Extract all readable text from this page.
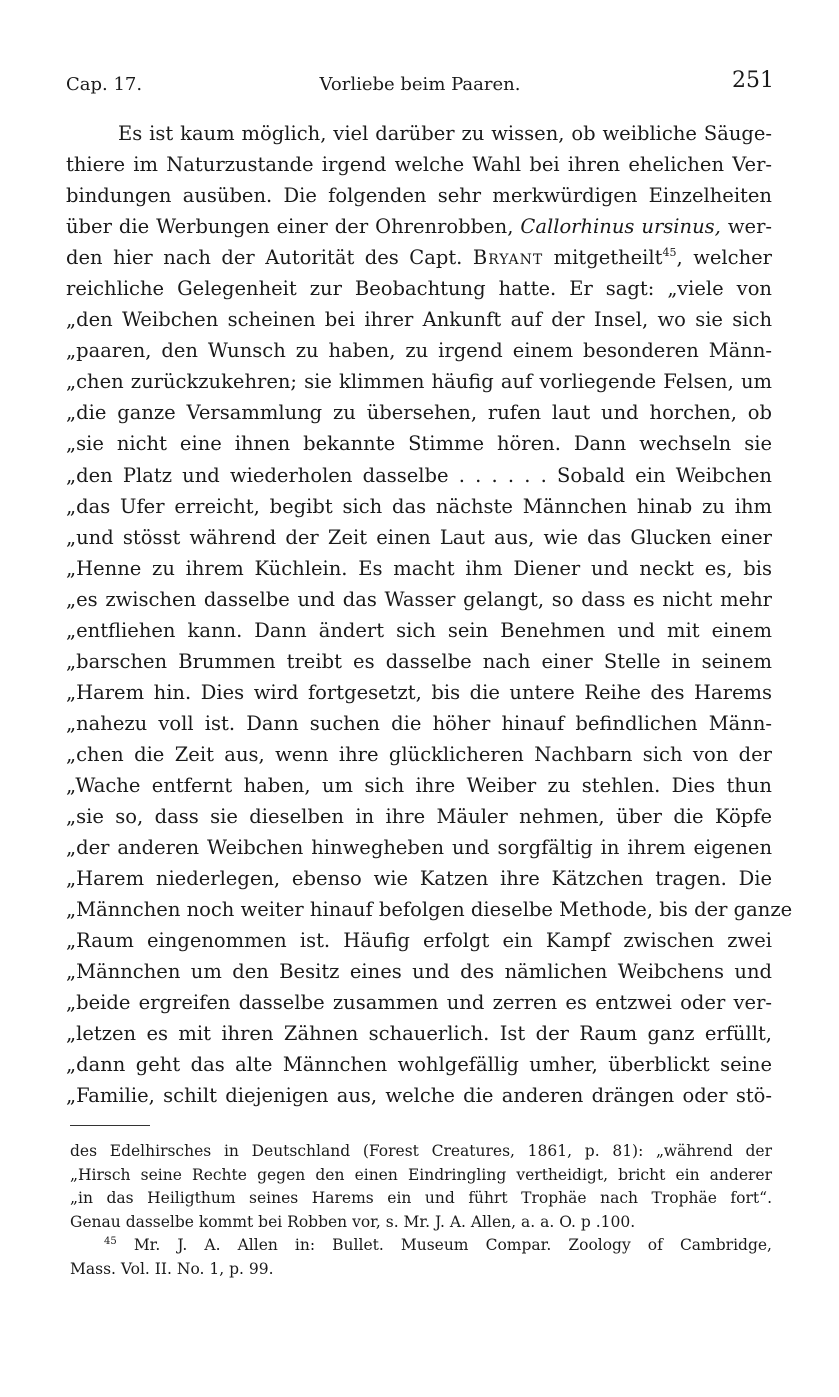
Cap. 17.	Vorliebe beim Paaren.	251
Es ist kaum möglich, viel darüber zu wissen, ob weibliche Säuge-
thiere im Naturzustande irgend welche Wahl bei ihren ehelichen Ver-
bindungen ausüben. Die folgenden sehr merkwürdigen Einzelheiten
über die Werbungen einer der Ohrenrobben, Callorhinus ursinus, wer-
den hier nach der Autorität des Capt. Bryant mitgetheilt$^{45}$, welcher
reichliche Gelegenheit zur Beobachtung hatte. Er sagt: „viele von
„den Weibchen scheinen bei ihrer Ankunft auf der Insel, wo sie sich
„paaren, den Wunsch zu haben, zu irgend einem besonderen Männ-
„chen zurückzukehren; sie klimmen häufig auf vorliegende Felsen, um
„die ganze Versammlung zu übersehen, rufen laut und horchen, ob
„sie nicht eine ihnen bekannte Stimme hören. Dann wechseln sie
„den Platz und wiederholen dasselbe . . . . . . Sobald ein Weibchen
„das Ufer erreicht, begibt sich das nächste Männchen hinab zu ihm
„und stösst während der Zeit einen Laut aus, wie das Glucken einer
„Henne zu ihrem Küchlein. Es macht ihm Diener und neckt es, bis
„es zwischen dasselbe und das Wasser gelangt, so dass es nicht mehr
„entfliehen kann. Dann ändert sich sein Benehmen und mit einem
„barschen Brummen treibt es dasselbe nach einer Stelle in seinem
„Harem hin. Dies wird fortgesetzt, bis die untere Reihe des Harems
„nahezu voll ist. Dann suchen die höher hinauf befindlichen Männ-
„chen die Zeit aus, wenn ihre glücklicheren Nachbarn sich von der
„Wache entfernt haben, um sich ihre Weiber zu stehlen. Dies thun
„sie so, dass sie dieselben in ihre Mäuler nehmen, über die Köpfe
„der anderen Weibchen hinwegheben und sorgfältig in ihrem eigenen
„Harem niederlegen, ebenso wie Katzen ihre Kätzchen tragen. Die
„Männchen noch weiter hinauf befolgen dieselbe Methode, bis der ganze
„Raum eingenommen ist. Häufig erfolgt ein Kampf zwischen zwei
„Männchen um den Besitz eines und des nämlichen Weibchens und
„beide ergreifen dasselbe zusammen und zerren es entzwei oder ver-
„letzen es mit ihren Zähnen schauerlich. Ist der Raum ganz erfüllt,
„dann geht das alte Männchen wohlgefällig umher, überblickt seine
„Familie, schilt diejenigen aus, welche die anderen drängen oder stö-
des Edelhirsches in Deutschland (Forest Creatures, 1861, p. 81): „während der
„Hirsch seine Rechte gegen den einen Eindringling vertheidigt, bricht ein anderer
„in das Heiligthum seines Harems ein und führt Trophäe nach Trophäe fort“.
Genau dasselbe kommt bei Robben vor, s. Mr. J. A. Allen, a. a. O. p .100.
$^{45}$ Mr. J. A. Allen in: Bullet. Museum Compar. Zoology of Cambridge,
Mass. Vol. II. No. 1, p. 99.
